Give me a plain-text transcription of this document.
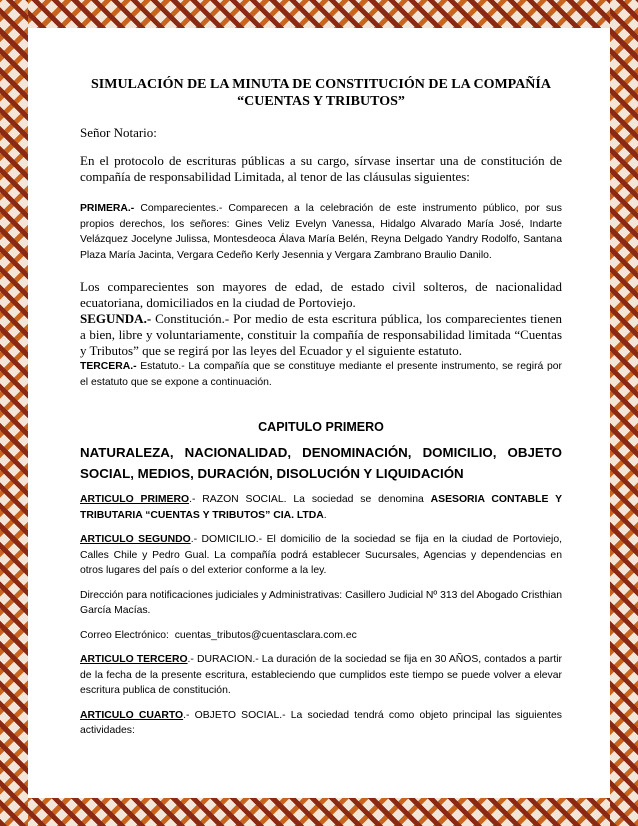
SIMULACIÓN DE LA MINUTA DE CONSTITUCIÓN DE LA COMPAÑÍA
“CUENTAS Y TRIBUTOS”

Señor Notario:

En el protocolo de escrituras públicas a su cargo, sírvase insertar una de constitución de compañía de responsabilidad Limitada, al tenor de las cláusulas siguientes:

PRIMERA.- Comparecientes.- Comparecen a la celebración de este instrumento público, por sus propios derechos, los señores: Gines Veliz Evelyn Vanessa, Hidalgo Alvarado María José, Indarte Velázquez Jocelyne Julissa, Montesdeoca Álava María Belén, Reyna Delgado Yandry Rodolfo, Santana Plaza María Jacinta, Vergara Cedeño Kerly Jesennia y Vergara Zambrano Braulio Danilo.

Los comparecientes son mayores de edad, de estado civil solteros, de nacionalidad ecuatoriana, domiciliados en la ciudad de Portoviejo.

SEGUNDA.- Constitución.- Por medio de esta escritura pública, los comparecientes tienen a bien, libre y voluntariamente, constituir la compañía de responsabilidad limitada “Cuentas y Tributos” que se regirá por las leyes del Ecuador y el siguiente estatuto.

TERCERA.- Estatuto.- La compañía que se constituye mediante el presente instrumento, se regirá por el estatuto que se expone a continuación.

CAPITULO PRIMERO

NATURALEZA, NACIONALIDAD, DENOMINACIÓN, DOMICILIO, OBJETO SOCIAL, MEDIOS, DURACIÓN, DISOLUCIÓN Y LIQUIDACIÓN

ARTICULO PRIMERO.- RAZON SOCIAL. La sociedad se denomina ASESORIA CONTABLE Y TRIBUTARIA “CUENTAS Y TRIBUTOS” CIA. LTDA.

ARTICULO SEGUNDO.- DOMICILIO.- El domicilio de la sociedad se fija en la ciudad de Portoviejo, Calles Chile y Pedro Gual. La compañía podrá establecer Sucursales, Agencias y dependencias en otros lugares del país o del exterior conforme a la ley.

Dirección para notificaciones judiciales y Administrativas: Casillero Judicial Nº 313 del Abogado Cristhian García Macías.

Correo Electrónico:  cuentas_tributos@cuentasclara.com.ec

ARTICULO TERCERO.- DURACION.- La duración de la sociedad se fija en 30 AÑOS, contados a partir de la fecha de la presente escritura, estableciendo que cumplidos este tiempo se puede volver a elevar escritura publica de constitución.

ARTICULO CUARTO.- OBJETO SOCIAL.- La sociedad tendrá como objeto principal las siguientes actividades:
